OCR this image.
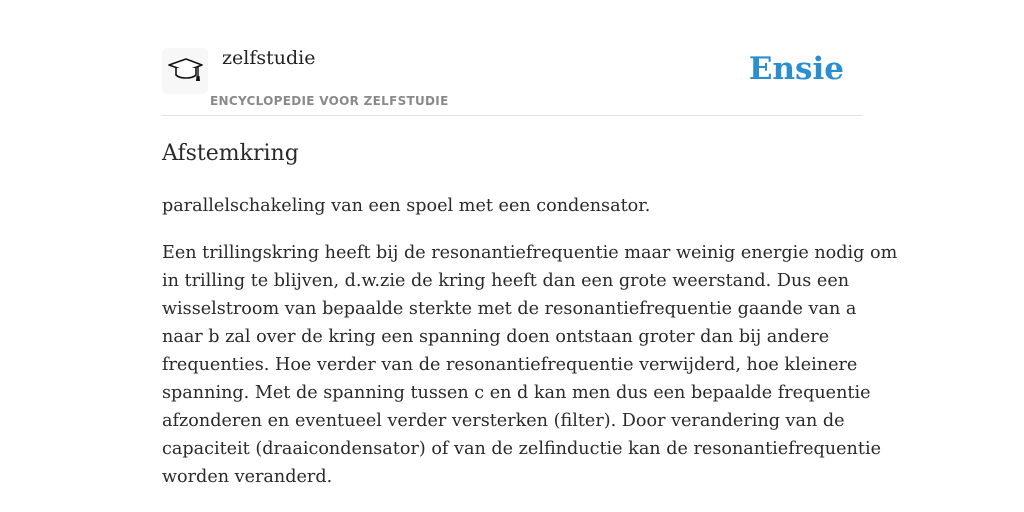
zelfstudie
ENCYCLOPEDIE VOOR ZELFSTUDIE
Ensie
Afstemkring

parallelschakeling van een spoel met een condensator.

Een trillingskring heeft bij de resonantiefrequentie maar weinig energie nodig om
in trilling te blijven, d.w.zie de kring heeft dan een grote weerstand. Dus een
wisselstroom van bepaalde sterkte met de resonantiefrequentie gaande van a
naar b zal over de kring een spanning doen ontstaan groter dan bij andere
frequenties. Hoe verder van de resonantiefrequentie verwijderd, hoe kleinere
spanning. Met de spanning tussen c en d kan men dus een bepaalde frequentie
afzonderen en eventueel verder versterken (filter). Door verandering van de
capaciteit (draaicondensator) of van de zelfinductie kan de resonantiefrequentie
worden veranderd.
